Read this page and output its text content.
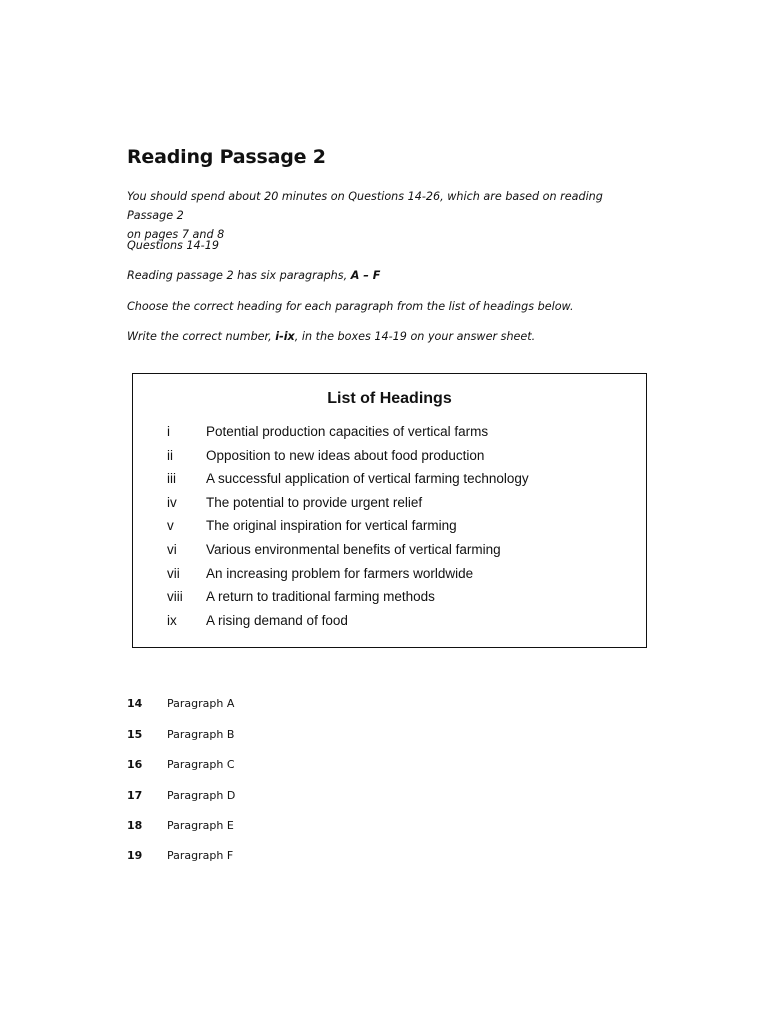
Reading Passage 2
You should spend about 20 minutes on Questions 14-26, which are based on reading Passage 2
on pages 7 and 8
Questions 14-19
Reading passage 2 has six paragraphs, A – F
Choose the correct heading for each paragraph from the list of headings below.
Write the correct number, i-ix, in the boxes 14-19 on your answer sheet.
List of Headings
i	Potential production capacities of vertical farms
ii Opposition to new ideas about food production
iii A successful application of vertical farming technology
iv The potential to provide urgent relief
v The original inspiration for vertical farming
vi Various environmental benefits of vertical farming
vii An increasing problem for farmers worldwide
viii A return to traditional farming methods
ix A rising demand of food
14 Paragraph A
15 Paragraph B
16 Paragraph C
17 Paragraph D
18 Paragraph E
19 Paragraph F
